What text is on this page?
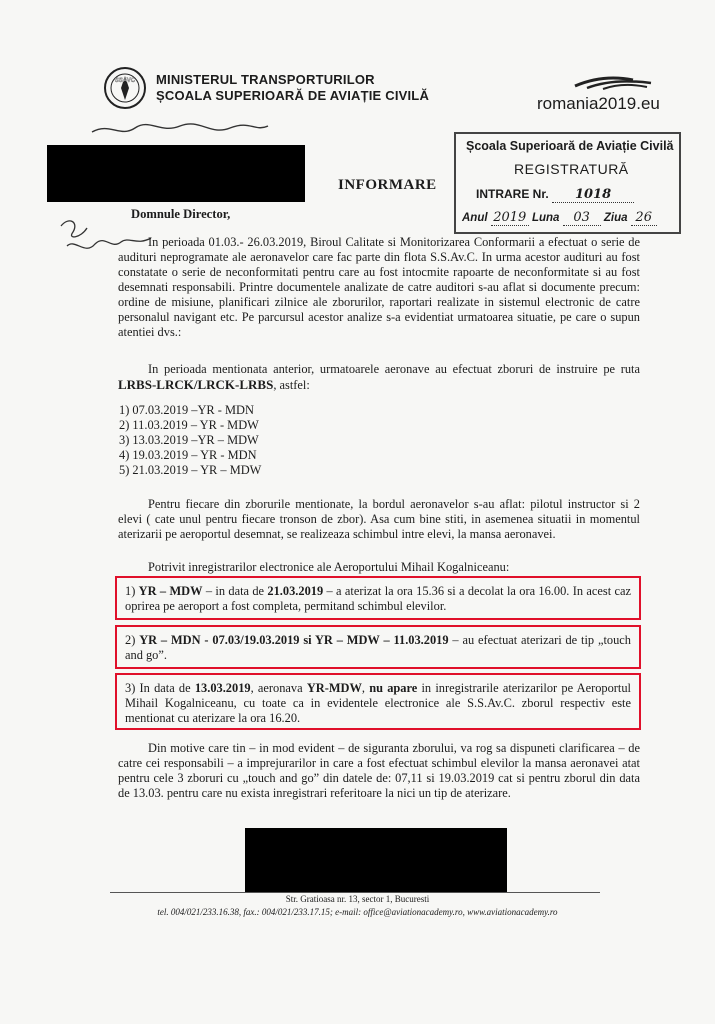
SSAVC MINISTERUL TRANSPORTURILOR
ȘCOALA SUPERIOARĂ DE AVIAȚIE CIVILĂ	romania2019.eu
INFORMARE
Școala Superioară de Aviație Civilă
REGISTRATURĂ
INTRARE Nr. 1018
Anul 2019 Luna 03 Ziua 26
Domnule Director,
In perioada 01.03.- 26.03.2019, Biroul Calitate si Monitorizarea Conformarii a efectuat o serie de audituri neprogramate ale aeronavelor care fac parte din flota S.S.Av.C. In urma acestor audituri au fost constatate o serie de neconformitati pentru care au fost intocmite rapoarte de neconformitate si au fost desemnati responsabili. Printre documentele analizate de catre auditori s-au aflat si documente precum: ordine de misiune, planificari zilnice ale zborurilor, raportari realizate in sistemul electronic de catre personalul navigant etc. Pe parcursul acestor analize s-a evidentiat urmatoarea situatie, pe care o supun atentiei dvs.:
In perioada mentionata anterior, urmatoarele aeronave au efectuat zboruri de instruire pe ruta LRBS-LRCK/LRCK-LRBS, astfel:
1) 07.03.2019 –YR - MDN
2) 11.03.2019 – YR - MDW
3) 13.03.2019 –YR – MDW
4) 19.03.2019 – YR - MDN
5) 21.03.2019 – YR – MDW
Pentru fiecare din zborurile mentionate, la bordul aeronavelor s-au aflat: pilotul instructor si 2 elevi ( cate unul pentru fiecare tronson de zbor). Asa cum bine stiti, in asemenea situatii in momentul aterizarii pe aeroportul desemnat, se realizeaza schimbul intre elevi, la mansa aeronavei.
Potrivit inregistrarilor electronice ale Aeroportului Mihail Kogalniceanu:
1) YR – MDW – in data de 21.03.2019 – a aterizat la ora 15.36 si a decolat la ora 16.00. In acest caz oprirea pe aeroport a fost completa, permitand schimbul elevilor.
2) YR – MDN - 07.03/19.03.2019 si YR – MDW – 11.03.2019 – au efectuat aterizari de tip „touch and go”.
3) In data de 13.03.2019, aeronava YR-MDW, nu apare in inregistrarile aterizarilor pe Aeroportul Mihail Kogalniceanu, cu toate ca in evidentele electronice ale S.S.Av.C. zborul respectiv este mentionat cu aterizare la ora 16.20.
Din motive care tin – in mod evident – de siguranta zborului, va rog sa dispuneti clarificarea – de catre cei responsabili – a imprejurarilor in care a fost efectuat schimbul elevilor la mansa aeronavei atat pentru cele 3 zboruri cu „touch and go” din datele de: 07,11 si 19.03.2019 cat si pentru zborul din data de 13.03. pentru care nu exista inregistrari referitoare la nici un tip de aterizare.
Str. Gratioasa nr. 13, sector 1, Bucuresti
tel. 004/021/233.16.38, fax.: 004/021/233.17.15; e-mail: office@aviationacademy.ro, www.aviationacademy.ro
